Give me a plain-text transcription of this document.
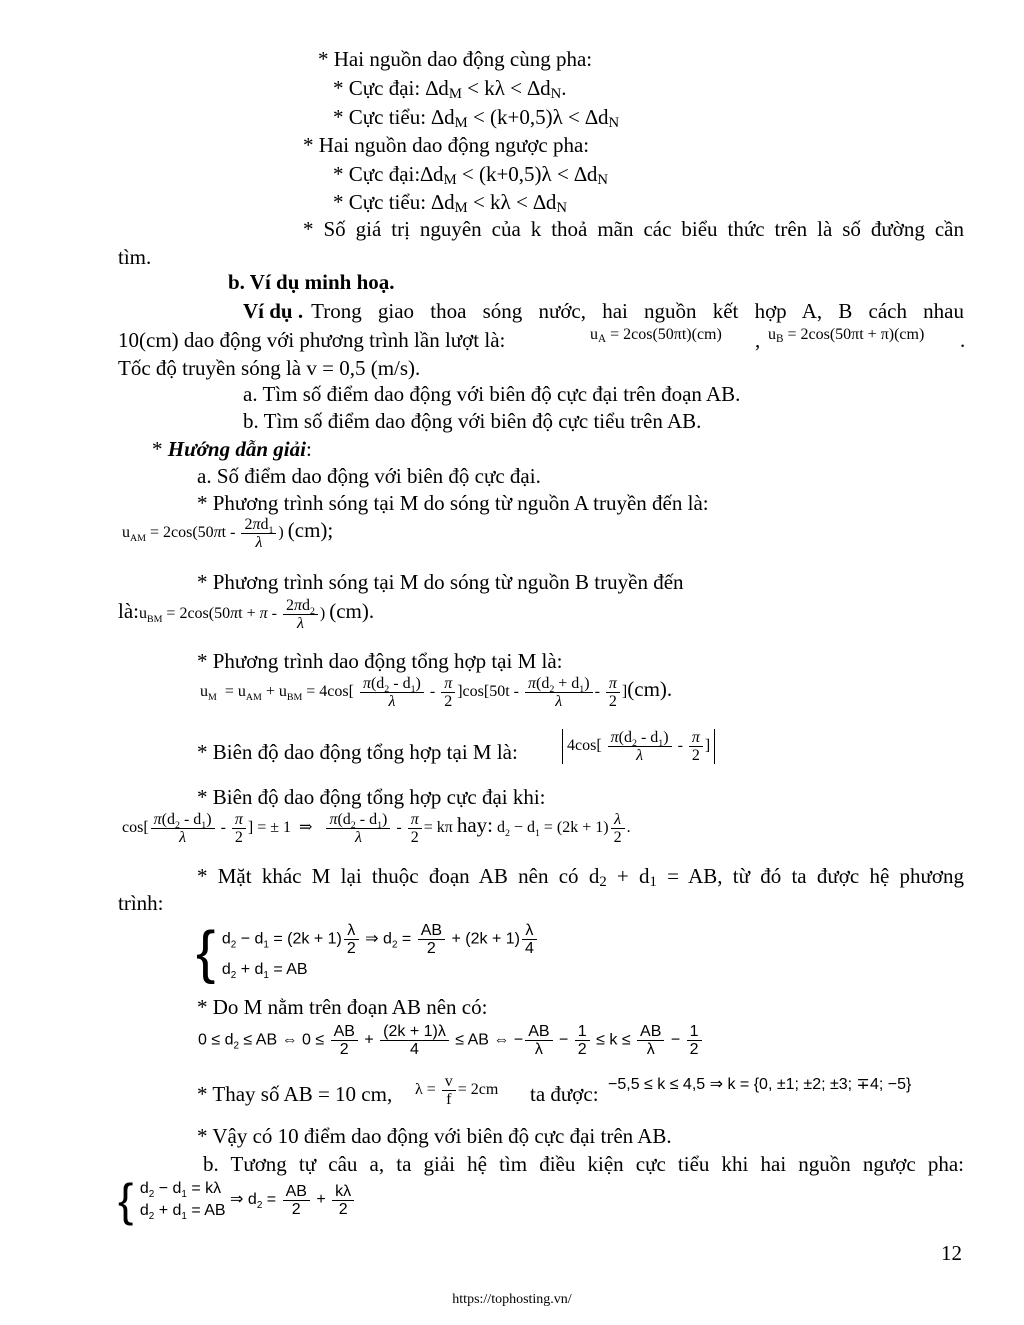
* Hai nguồn dao động cùng pha:
* Cực đại: $\Delta d_M < k\lambda < \Delta d_N$.
* Cực tiểu: $\Delta d_M < (k+0,5)\lambda < \Delta d_N$
* Hai nguồn dao động ngược pha:
* Cực $đại:\Delta d_M < (k+0,5)\lambda < \Delta d_N$
* Cực tiểu: $\Delta d_M < k\lambda < \Delta d_N$
* Số giá trị nguyên của k thoả mãn các biểu thức trên là số đường cần
tìm.
b. Ví dụ minh hoạ.
Ví dụ . Trong giao thoa sóng nước, hai nguồn kết hợp A, B cách nhau
10(cm) dao động với phương trình lần lượt là:	$u_A = 2\cos(50\pi t)(cm)$ , $u_B = 2\cos(50\pi t + \pi)(cm)$ .
Tốc độ truyền sóng là v = 0,5 (m/s).
a. Tìm số điểm dao động với biên độ cực đại trên đoạn AB.
b. Tìm số điểm dao động với biên độ cực tiểu trên AB.
* Hướng dẫn giải:
a. Số điểm dao động với biên độ cực đại.
* Phương trình sóng tại M do sóng từ nguồn A truyền đến là:
$u_{AM} = 2\cos(50\pi t - \frac{2\pi d_1}{\lambda}$ ) (cm);
* Phương trình sóng tại M do sóng từ nguồn B truyền đến
$là:u_{BM} = 2\cos(50\pi t + \pi - \frac{2\pi d_2}{\lambda}$ ) (cm).
* Phương trình dao động tổng hợp tại M là:
$u_M = u_{AM} + u_{BM} = 4\cos[ \frac{\pi(d_2 - d_1)}{\lambda} - \frac{\pi}{2} ]\cos[50t - \frac{\pi(d_2 + d_1)}{\lambda} - \frac{\pi}{2} ](cm)$.
* Biên độ dao động tổng hợp tại M là:	$4\cos[ \frac{\pi(d_2 - d_1)}{\lambda} - \frac{\pi}{2}$ ]
* Biên độ dao động tổng hợp cực đại khi:
$\cos[ \frac{\pi(d_2 - d_1)}{\lambda} - \frac{\pi}{2}$ ] = ± 1  ⇒ $\frac{\pi(d_2 - d_1)}{\lambda} - \frac{\pi}{2} = k\pi$ hay: $d_2 - d_1 = (2k + 1) \frac{\lambda}{2}$ .
* Mặt khác M lại thuộc đoạn AB nên có $d_2 + d_1$ = AB, từ đó ta được hệ phương
trình:
{ $d_2 - d_1 = (2k + 1) \frac{\lambda}{2}$ ⇒ $d_2 = \frac{AB}{2} + (2k + 1) \frac{\lambda}{4}$
$d_2 + d_1$ = AB
* Do M nằm trên đoạn AB nên có:
$0 \le d_2$ ≤ AB ⇔ $0 \le \frac{AB}{2} + \frac{(2k + 1)\lambda}{4}$ ≤ AB ⇔ − $\frac{AB}{\lambda} - \frac{1}{2} \le k \le \frac{AB}{\lambda} - \frac{1}{2}$
* Thay số AB = 10 cm, $\lambda = \frac{v}{f} = 2cm$ ta được: −5,5 ≤ k ≤ 4,5 ⇒ k = {0, ±1; ±2; ±3; ∓4; −5}
* Vậy có 10 điểm dao động với biên độ cực đại trên AB.
b. Tương tự câu a, ta giải hệ tìm điều kiện cực tiểu khi hai nguồn ngược pha:
{ $d_2 - d_1 = k\lambda$
$d_2 + d_1$ = AB
⇒ $d_2 = \frac{AB}{2} + \frac{k\lambda}{2}$
12
https://tophosting.vn/
